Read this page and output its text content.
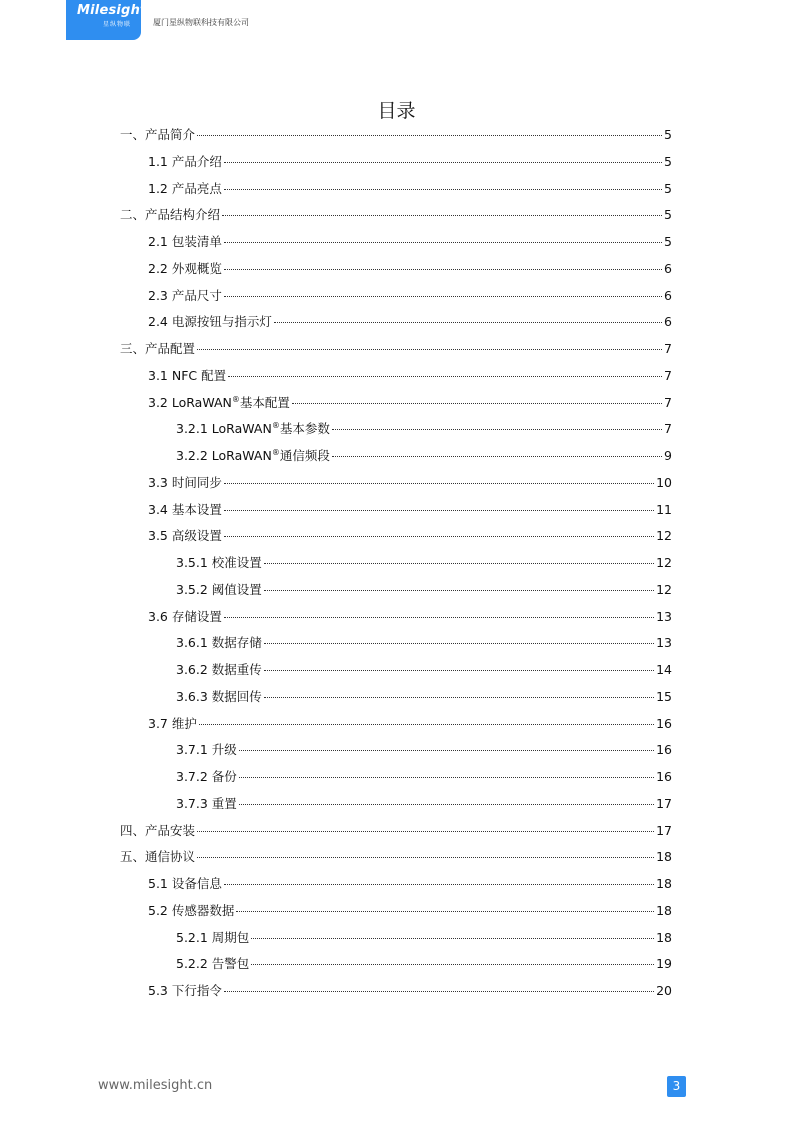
Milesight
星纵物联	厦门星纵物联科技有限公司
目录
一、产品简介	5
1.1 产品介绍	5
1.2 产品亮点	5
二、产品结构介绍	5
2.1 包装清单	5
2.2 外观概览	6
2.3 产品尺寸	6
2.4 电源按钮与指示灯	6
三、产品配置	7
3.1 NFC 配置	7
3.2 LoRaWAN®基本配置	7
3.2.1 LoRaWAN®基本参数	7
3.2.2 LoRaWAN®通信频段	9
3.3 时间同步	10
3.4 基本设置	11
3.5 高级设置	12
3.5.1 校准设置	12
3.5.2 阈值设置	12
3.6 存储设置	13
3.6.1 数据存储	13
3.6.2 数据重传	14
3.6.3 数据回传	15
3.7 维护	16
3.7.1 升级	16
3.7.2 备份	16
3.7.3 重置	17
四、产品安装	17
五、通信协议	18
5.1 设备信息	18
5.2 传感器数据	18
5.2.1 周期包	18
5.2.2 告警包	19
5.3 下行指令	20
www.milesight.cn	3
